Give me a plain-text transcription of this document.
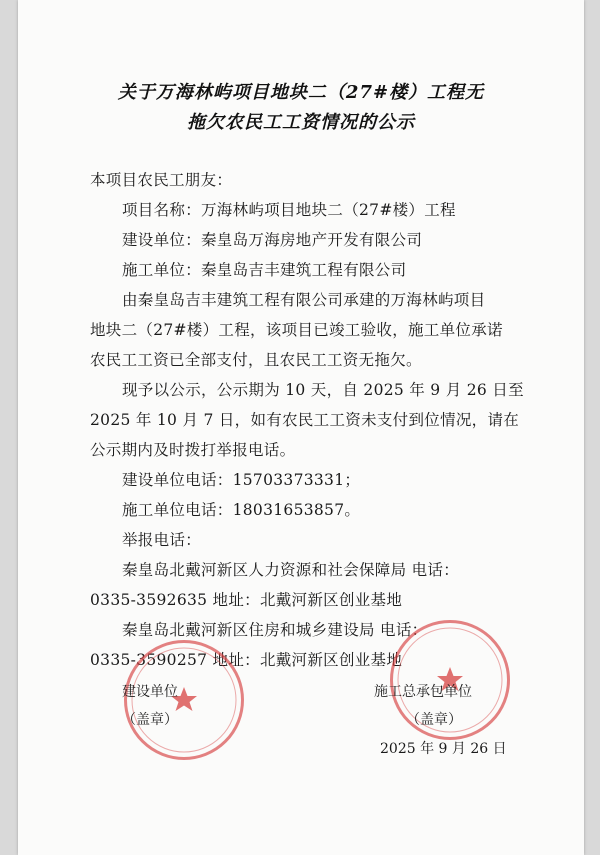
关于万海林屿项目地块二（27#楼）工程无
拖欠农民工工资情况的公示
本项目农民工朋友：
项目名称：万海林屿项目地块二（27#楼）工程
建设单位：秦皇岛万海房地产开发有限公司
施工单位：秦皇岛吉丰建筑工程有限公司
由秦皇岛吉丰建筑工程有限公司承建的万海林屿项目
地块二（27#楼）工程，该项目已竣工验收，施工单位承诺
农民工工资已全部支付，且农民工工资无拖欠。
现予以公示，公示期为 10 天，自 2025 年 9 月 26 日至
2025 年 10 月 7 日，如有农民工工资未支付到位情况，请在
公示期内及时拨打举报电话。
建设单位电话：15703373331；
施工单位电话：18031653857。
举报电话：
秦皇岛北戴河新区人力资源和社会保障局 电话：
0335-3592635 地址：北戴河新区创业基地
秦皇岛北戴河新区住房和城乡建设局 电话：
0335-3590257 地址：北戴河新区创业基地
建设单位
（盖章）
施工总承包单位
（盖章）
2025 年 9 月 26 日
